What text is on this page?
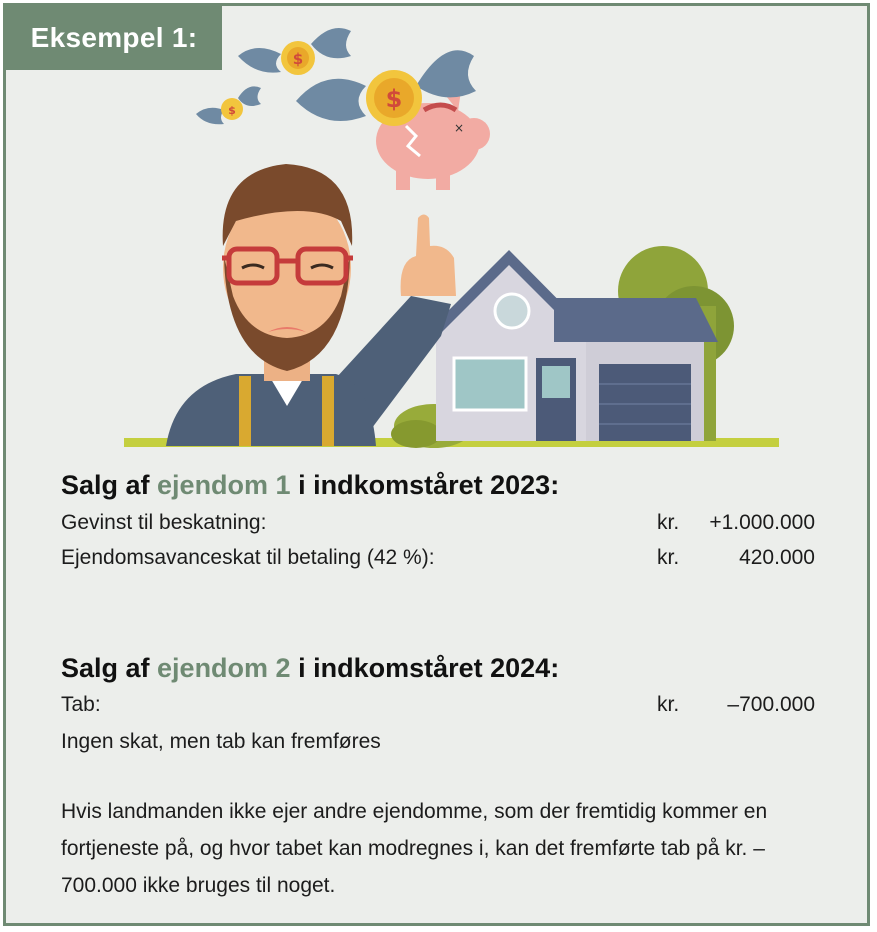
×
$
$
$
Eksempel 1:
Salg af ejendom 1 i indkomståret 2023:
Gevinst til beskatning:	kr. +1.000.000
Ejendomsavanceskat til betaling (42 %):	kr.	420.000
Salg af ejendom 2 i indkomståret 2024:
Tab:	kr. –700.000
Ingen skat, men tab kan fremføres
Hvis landmanden ikke ejer andre ejendomme, som der fremtidig kommer en fortjeneste på, og hvor tabet kan modregnes i, kan det fremførte tab på kr. –700.000 ikke bruges til noget.
